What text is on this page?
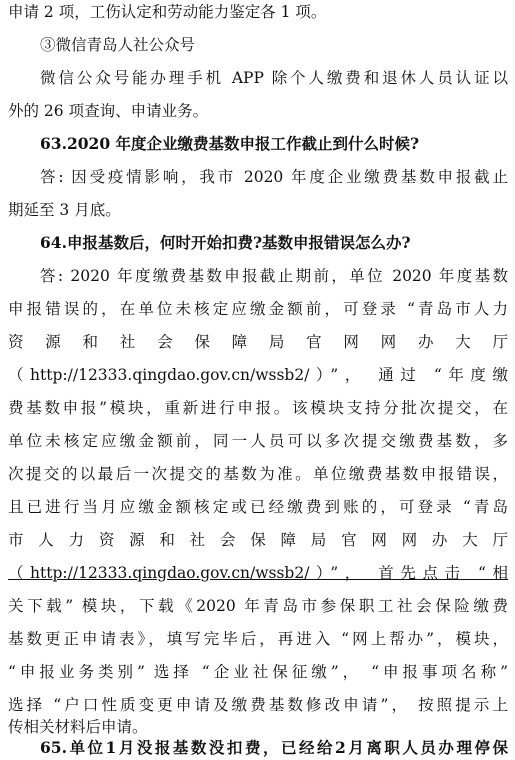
申请 2 项，工伤认定和劳动能力鉴定各 1 项。
③微信青岛人社公众号
微信公众号能办理手机 APP 除个人缴费和退休人员认证以
外的 26 项查询、申请业务。
63.2020 年度企业缴费基数申报工作截止到什么时候?
答: 因受疫情影响，我市 2020 年度企业缴费基数申报截止
期延至 3 月底。
64.申报基数后，何时开始扣费?基数申报错误怎么办?
答: 2020 年度缴费基数申报截止期前，单位 2020 年度基数
申报错误的，在单位未核定应缴金额前，可登录 “青岛市人力
资 源 和 社 会 保 障 局 官 网 网 办 大 厅
（http://12333.qingdao.gov.cn/wssb2/）”， 通过 “年度缴
费基数申报”模块，重新进行申报。该模块支持分批次提交，在
单位未核定应缴金额前，同一人员可以多次提交缴费基数，多
次提交的以最后一次提交的基数为准。单位缴费基数申报错误，
且已进行当月应缴金额核定或已经缴费到账的，可登录 “青岛
市 人 力 资 源 和 社 会 保 障 局 官 网 网 办 大 厅
（http://12333.qingdao.gov.cn/wssb2/）”， 首先点击 “相
关下载” 模块，下载《2020 年青岛市参保职工社会保险缴费
基数更正申请表》，填写完毕后，再进入 “网上帮办”，模块，
“申报业务类别” 选择 “企业社保征缴”， “申报事项名称”
选择 “户口性质变更申请及缴费基数修改申请”， 按照提示上
传相关材料后申请。
65.单位1月没报基数没扣费，已经给2月离职人员办理停保
